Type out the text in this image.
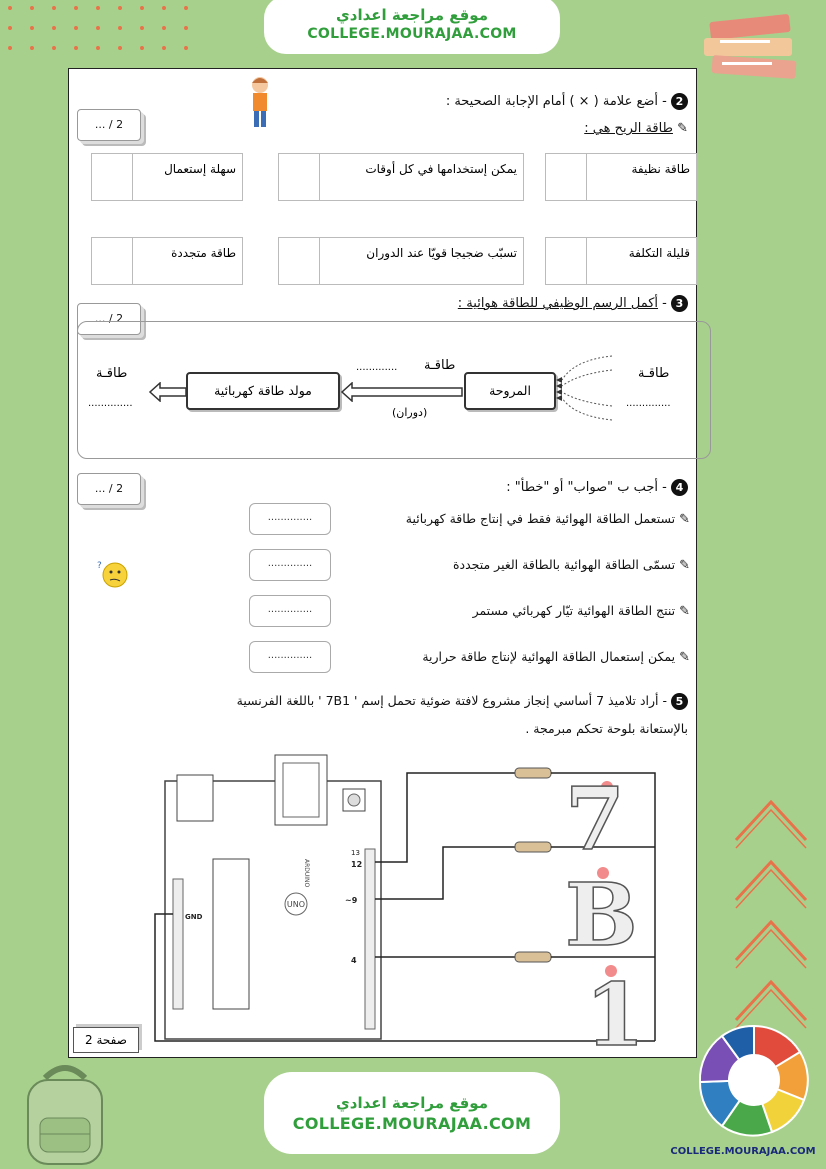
موقع مراجعة اعدادي
COLLEGE.MOURAJAA.COM
2 - أضع علامة ( × ) أمام الإجابة الصحيحة :
... / 2	✎ طاقة الريح هي :
طاقة نظيفة
يمكن إستخدامها في كل أوقات
سهلة إستعمال
قليلة التكلفة
تسبّب ضجيجا قويّا عند الدوران
طاقة متجددة
3 - أكمل الرسم الوظيفي للطاقة هوائية :
... / 2
طاقـة
..............
مولد طاقة كهربائية
طاقـة
.............
(دوران)
المروحة
طاقـة
..............
4 - أجب ب "صواب" أو "خطأ" :
... / 2
✎ تستعمل الطاقة الهوائية فقط في إنتاج طاقة كهربائية
..............
✎ تسمّى الطاقة الهوائية بالطاقة الغير متجددة
..............
✎ تنتج الطاقة الهوائية تيّار كهربائي مستمر
..............
✎ يمكن إستعمال الطاقة الهوائية لإنتاج طاقة حرارية
..............
?
5 - أراد تلاميذ 7 أساسي إنجاز مشروع لافتة ضوئية تحمل إسم ' 7B1 ' باللغة الفرنسية
بالإستعانة بلوحة تحكم مبرمجة .
UNO
ARDUINO
13
12
~9
4
GND
7
B
1
صفحة 2
موقع مراجعة اعدادي
COLLEGE.MOURAJAA.COM
COLLEGE.MOURAJAA.COM
